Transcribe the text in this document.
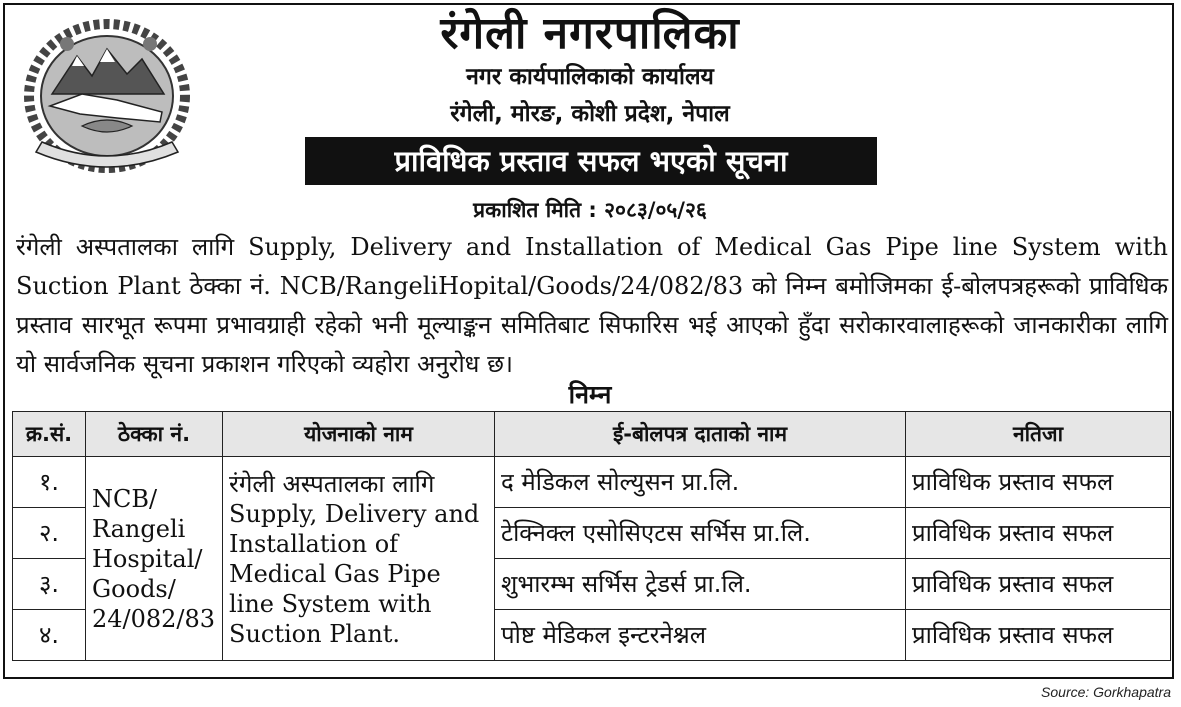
रंगेली नगरपालिका
नगर कार्यपालिकाको कार्यालय
रंगेली, मोरङ, कोशी प्रदेश, नेपाल
प्राविधिक प्रस्ताव सफल भएको सूचना
प्रकाशित मिति : २०८३/०५/२६
रंगेली अस्पतालका लागि Supply, Delivery and Installation of Medical Gas Pipe line System with Suction Plant ठेक्का नं. NCB/RangeliHopital/Goods/24/082/83 को निम्न बमोजिमका ई-बोलपत्रहरूको प्राविधिक प्रस्ताव सारभूत रूपमा प्रभावग्राही रहेको भनी मूल्याङ्कन समितिबाट सिफारिस भई आएको हुँदा सरोकारवालाहरूको जानकारीका लागि यो सार्वजनिक सूचना प्रकाशन गरिएको व्यहोरा अनुरोध छ।
निम्न
क्र.सं.	ठेक्का नं.	योजनाको नाम	ई-बोलपत्र दाताको नाम	नतिजा
१.	NCB/ Rangeli Hospital/ Goods/ 24/082/83	रंगेली अस्पतालका लागि Supply, Delivery and Installation of Medical Gas Pipe line System with Suction Plant.	द मेडिकल सोल्युसन प्रा.लि.	प्राविधिक प्रस्ताव सफल
२.			टेक्निक्ल एसोसिएटस सर्भिस प्रा.लि.	प्राविधिक प्रस्ताव सफल
३.			शुभारम्भ सर्भिस ट्रेडर्स प्रा.लि.	प्राविधिक प्रस्ताव सफल
४.			पोष्ट मेडिकल इन्टरनेश्नल	प्राविधिक प्रस्ताव सफल
Source: Gorkhapatra
